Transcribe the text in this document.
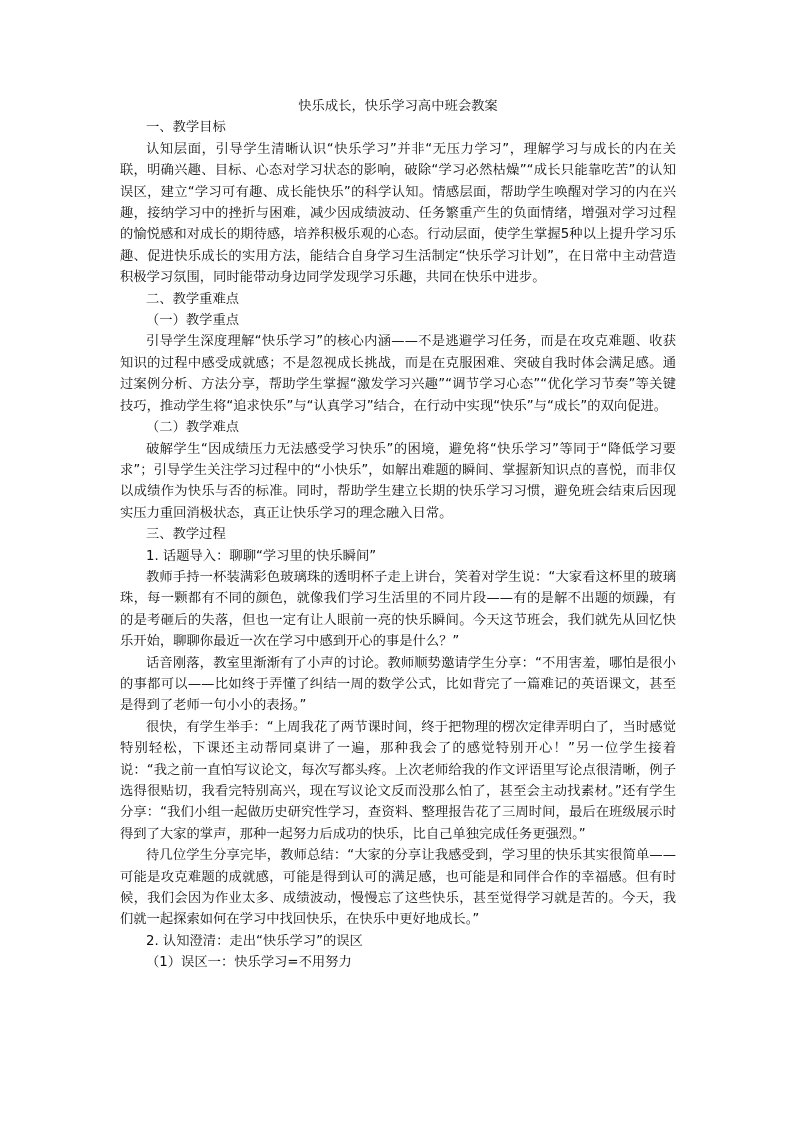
快乐成长，快乐学习高中班会教案

一、教学目标

认知层面，引导学生清晰认识“快乐学习”并非“无压力学习”，理解学习与成长的内在关联，明确兴趣、目标、心态对学习状态的影响，破除“学习必然枯燥”“成长只能靠吃苦”的认知误区，建立“学习可有趣、成长能快乐”的科学认知。情感层面，帮助学生唤醒对学习的内在兴趣，接纳学习中的挫折与困难，减少因成绩波动、任务繁重产生的负面情绪，增强对学习过程的愉悦感和对成长的期待感，培养积极乐观的心态。行动层面，使学生掌握5种以上提升学习乐趣、促进快乐成长的实用方法，能结合自身学习生活制定“快乐学习计划”，在日常中主动营造积极学习氛围，同时能带动身边同学发现学习乐趣，共同在快乐中进步。

二、教学重难点

（一）教学重点

引导学生深度理解“快乐学习”的核心内涵——不是逃避学习任务，而是在攻克难题、收获知识的过程中感受成就感；不是忽视成长挑战，而是在克服困难、突破自我时体会满足感。通过案例分析、方法分享，帮助学生掌握“激发学习兴趣”“调节学习心态”“优化学习节奏”等关键技巧，推动学生将“追求快乐”与“认真学习”结合，在行动中实现“快乐”与“成长”的双向促进。

（二）教学难点

破解学生“因成绩压力无法感受学习快乐”的困境，避免将“快乐学习”等同于“降低学习要求”；引导学生关注学习过程中的“小快乐”，如解出难题的瞬间、掌握新知识点的喜悦，而非仅以成绩作为快乐与否的标准。同时，帮助学生建立长期的快乐学习习惯，避免班会结束后因现实压力重回消极状态，真正让快乐学习的理念融入日常。

三、教学过程

1. 话题导入：聊聊“学习里的快乐瞬间”

教师手持一杯装满彩色玻璃珠的透明杯子走上讲台，笑着对学生说：“大家看这杯里的玻璃珠，每一颗都有不同的颜色，就像我们学习生活里的不同片段——有的是解不出题的烦躁，有的是考砸后的失落，但也一定有让人眼前一亮的快乐瞬间。今天这节班会，我们就先从回忆快乐开始，聊聊你最近一次在学习中感到开心的事是什么？”

话音刚落，教室里渐渐有了小声的讨论。教师顺势邀请学生分享：“不用害羞，哪怕是很小的事都可以——比如终于弄懂了纠结一周的数学公式，比如背完了一篇难记的英语课文，甚至是得到了老师一句小小的表扬。”

很快，有学生举手：“上周我花了两节课时间，终于把物理的楞次定律弄明白了，当时感觉特别轻松，下课还主动帮同桌讲了一遍，那种我会了的感觉特别开心！”另一位学生接着说：“我之前一直怕写议论文，每次写都头疼。上次老师给我的作文评语里写论点很清晰，例子选得很贴切，我看完特别高兴，现在写议论文反而没那么怕了，甚至会主动找素材。”还有学生分享：“我们小组一起做历史研究性学习，查资料、整理报告花了三周时间，最后在班级展示时得到了大家的掌声，那种一起努力后成功的快乐，比自己单独完成任务更强烈。”

待几位学生分享完毕，教师总结：“大家的分享让我感受到，学习里的快乐其实很简单——可能是攻克难题的成就感，可能是得到认可的满足感，也可能是和同伴合作的幸福感。但有时候，我们会因为作业太多、成绩波动，慢慢忘了这些快乐，甚至觉得学习就是苦的。今天，我们就一起探索如何在学习中找回快乐，在快乐中更好地成长。”

2. 认知澄清：走出“快乐学习”的误区

（1）误区一：快乐学习=不用努力
